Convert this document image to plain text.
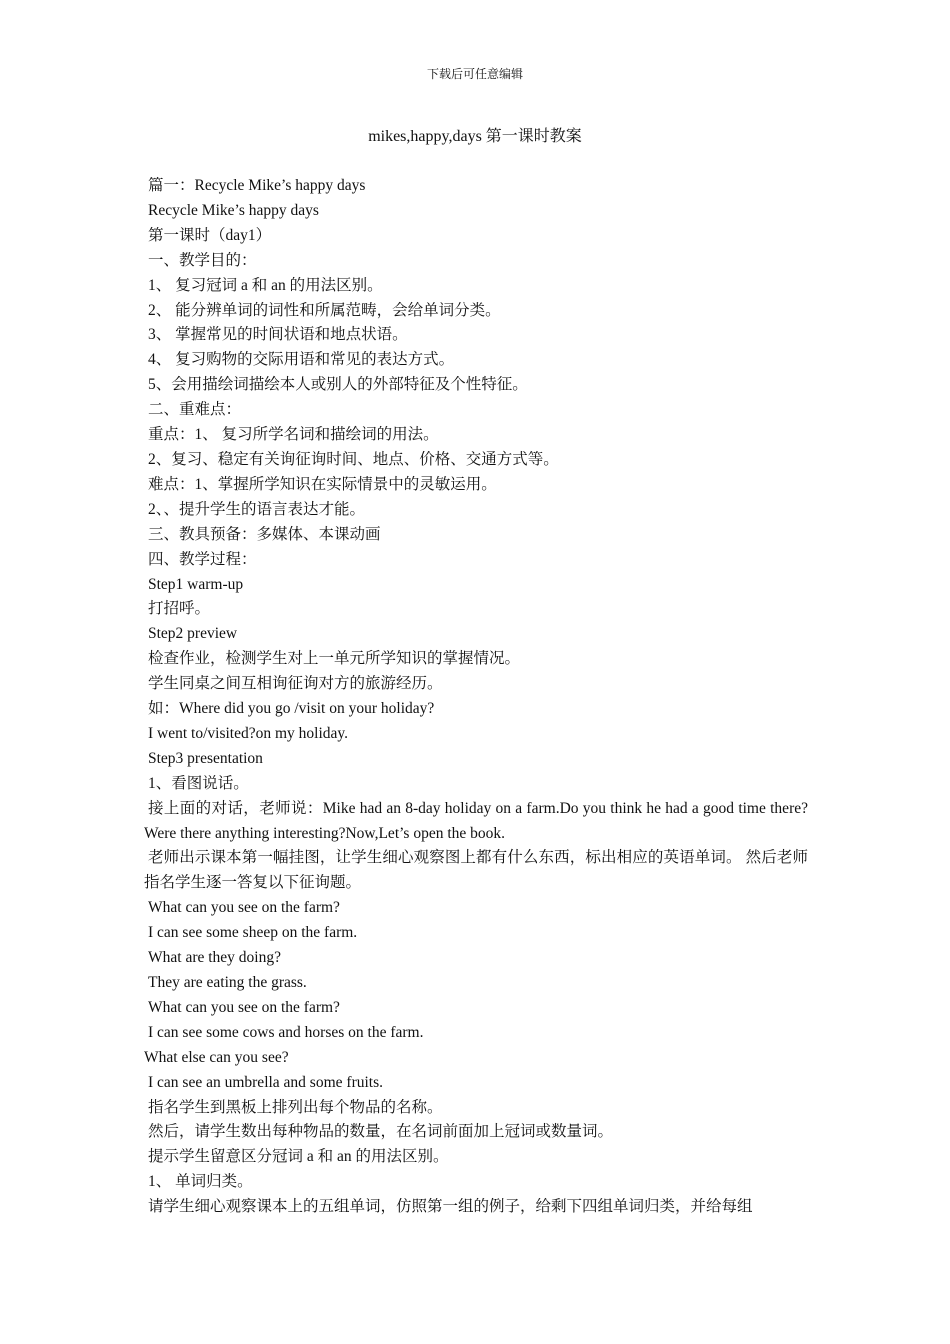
下载后可任意编辑
mikes,happy,days 第一课时教案
篇一：Recycle Mike’s happy days
Recycle Mike’s happy days
第一课时（day1）
一、教学目的：
1、 复习冠词 a 和 an 的用法区别。
2、 能分辨单词的词性和所属范畴，会给单词分类。
3、 掌握常见的时间状语和地点状语。
4、 复习购物的交际用语和常见的表达方式。
5、会用描绘词描绘本人或别人的外部特征及个性特征。
二、重难点：
重点：1、 复习所学名词和描绘词的用法。
2、复习、稳定有关询征询时间、地点、价格、交通方式等。
难点：1、掌握所学知识在实际情景中的灵敏运用。
2、、提升学生的语言表达才能。
三、教具预备：多媒体、本课动画
四、教学过程：
Step1 warm-up
打招呼。
Step2 preview
检查作业，检测学生对上一单元所学知识的掌握情况。
学生同桌之间互相询征询对方的旅游经历。
如：Where did you go /visit on your holiday?
I went to/visited?on my holiday.
Step3 presentation
1、看图说话。
接上面的对话，老师说：Mike had an 8-day holiday on a farm.Do you think he had a good time there?Were there anything interesting?Now,Let’s open the book.
老师出示课本第一幅挂图，让学生细心观察图上都有什么东西，标出相应的英语单词。 然后老师指名学生逐一答复以下征询题。
What can you see on the farm?
I can see some sheep on the farm.
What are they doing?
They are eating the grass.
What can you see on the farm?
I can see some cows and horses on the farm.
What else can you see?
I can see an umbrella and some fruits.
指名学生到黑板上排列出每个物品的名称。
然后，请学生数出每种物品的数量，在名词前面加上冠词或数量词。
提示学生留意区分冠词 a 和 an 的用法区别。
1、 单词归类。
请学生细心观察课本上的五组单词，仿照第一组的例子，给剩下四组单词归类，并给每组
